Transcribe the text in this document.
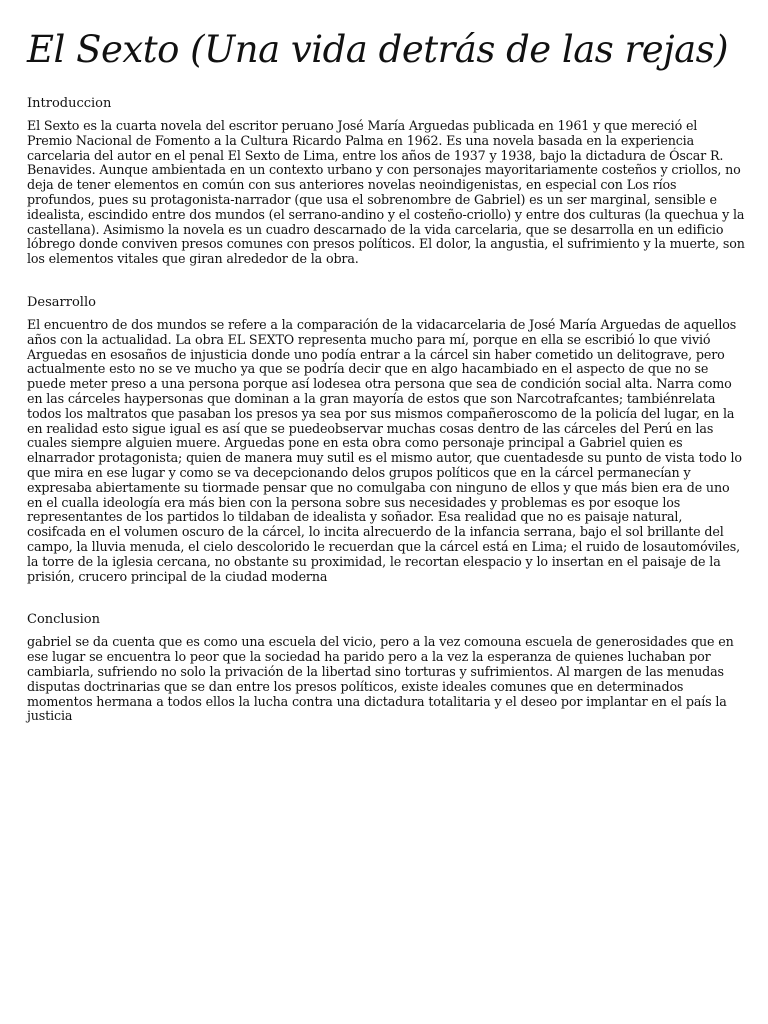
El Sexto (Una vida detrás de las rejas)

Introduccion

El Sexto es la cuarta novela del escritor peruano José María Arguedas publicada en 1961 y que mereció el Premio Nacional de Fomento a la Cultura Ricardo Palma en 1962. Es una novela basada en la experiencia carcelaria del autor en el penal El Sexto de Lima, entre los años de 1937 y 1938, bajo la dictadura de Óscar R. Benavides. Aunque ambientada en un contexto urbano y con personajes mayoritariamente costeños y criollos, no deja de tener elementos en común con sus anteriores novelas neoindigenistas, en especial con Los ríos profundos, pues su protagonista-narrador (que usa el sobrenombre de Gabriel) es un ser marginal, sensible e idealista, escindido entre dos mundos (el serrano-andino y el costeño-criollo) y entre dos culturas (la quechua y la castellana). Asimismo la novela es un cuadro descarnado de la vida carcelaria, que se desarrolla en un edificio lóbrego donde conviven presos comunes con presos políticos. El dolor, la angustia, el sufrimiento y la muerte, son los elementos vitales que giran alrededor de la obra.

Desarrollo

El encuentro de dos mundos se refere a la comparación de la vidacarcelaria de José María Arguedas de aquellos años con la actualidad. La obra EL SEXTO representa mucho para mí, porque en ella se escribió lo que vivió Arguedas en esosaños de injusticia donde uno podía entrar a la cárcel sin haber cometido un delitograve, pero actualmente esto no se ve mucho ya que se podría decir que en algo hacambiado en el aspecto de que no se puede meter preso a una persona porque así lodesea otra persona que sea de condición social alta. Narra como en las cárceles haypersonas que dominan a la gran mayoría de estos que son Narcotrafcantes; tambiénrelata todos los maltratos que pasaban los presos ya sea por sus mismos compañeroscomo de la policía del lugar, en la en realidad esto sigue igual es así que se puedeobservar muchas cosas dentro de las cárceles del Perú en las cuales siempre alguien muere. Arguedas pone en esta obra como personaje principal a Gabriel quien es elnarrador protagonista; quien de manera muy sutil es el mismo autor, que cuentadesde su punto de vista todo lo que mira en ese lugar y como se va decepcionando delos grupos políticos que en la cárcel permanecían y expresaba abiertamente su tiormade pensar que no comulgaba con ninguno de ellos y que más bien era de uno en el cualla ideología era más bien con la persona sobre sus necesidades y problemas es por esoque los representantes de los partidos lo tildaban de idealista y soñador. Esa realidad que no es paisaje natural, cosifcada en el volumen oscuro de la cárcel, lo incita alrecuerdo de la infancia serrana, bajo el sol brillante del campo, la lluvia menuda, el cielo descolorido le recuerdan que la cárcel está en Lima; el ruido de losautomóviles, la torre de la iglesia cercana, no obstante su proximidad, le recortan elespacio y lo insertan en el paisaje de la prisión, crucero principal de la ciudad moderna

Conclusion

gabriel se da cuenta que es como una escuela del vicio, pero a la vez comouna escuela de generosidades que en ese lugar se encuentra lo peor que la sociedad ha parido pero a la vez la esperanza de quienes luchaban por cambiarla, sufriendo no solo la privación de la libertad sino torturas y sufrimientos. Al margen de las menudas disputas doctrinarias que se dan entre los presos políticos, existe ideales comunes que en determinados momentos hermana a todos ellos la lucha contra una dictadura totalitaria y el deseo por implantar en el país la justicia
